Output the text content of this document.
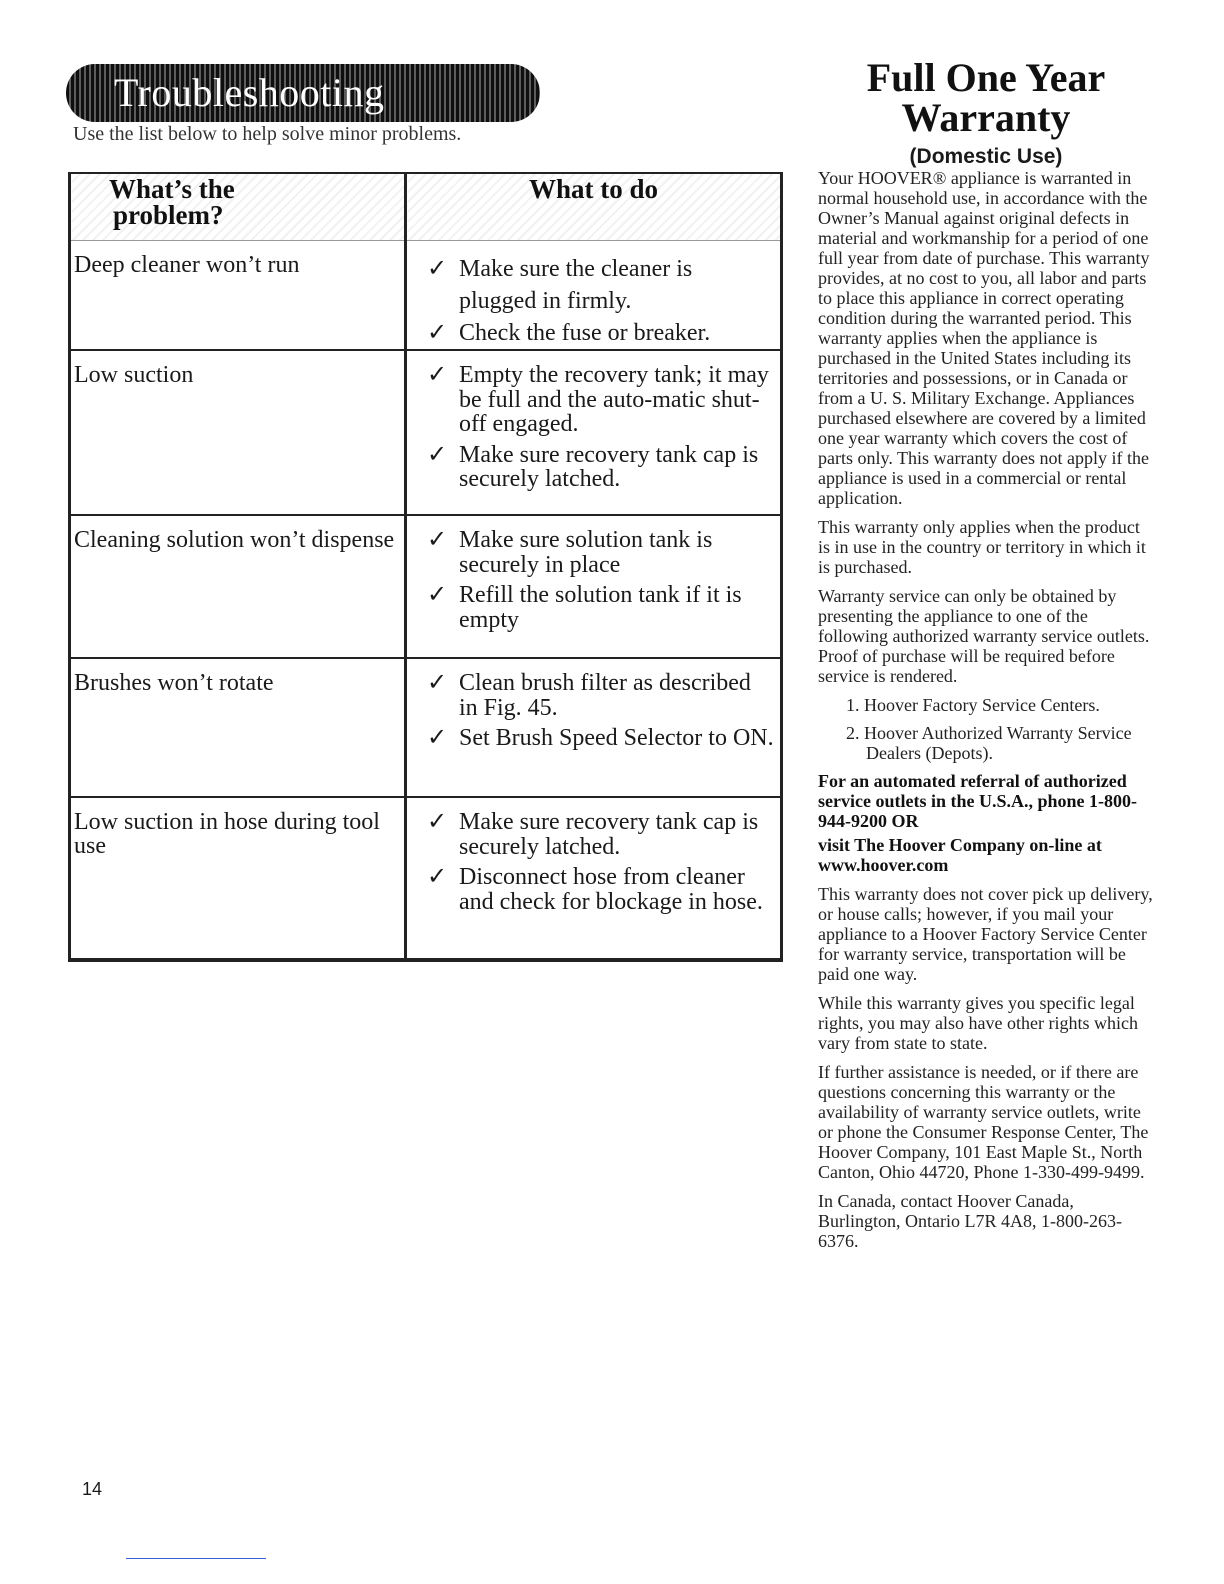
Troubleshooting
Use the list below to help solve minor problems.
What’s the
problem?	What to do
Deep cleaner won’t run	✓ Make sure the cleaner is plugged in firmly.
✓ Check the fuse or breaker.

Low suction	✓ Empty the recovery tank; it may be full and the auto-matic shut-off engaged.
✓ Make sure recovery tank cap is securely latched.

Cleaning solution won’t dispense	✓ Make sure solution tank is securely in place
✓ Refill the solution tank if it is empty

Brushes won’t rotate	✓ Clean brush filter as described in Fig. 45.
✓ Set Brush Speed Selector to ON.

Low suction in hose during tool use	✓ Make sure recovery tank cap is securely latched.
✓ Disconnect hose from cleaner and check for blockage in hose.
14
Full One Year
Warranty
(Domestic Use)

Your HOOVER® appliance is warranted in normal household use, in accordance with the Owner’s Manual against original defects in material and workmanship for a period of one full year from date of purchase. This warranty provides, at no cost to you, all labor and parts to place this appliance in correct operating condition during the warranted period. This warranty applies when the appliance is purchased in the United States including its territories and possessions, or in Canada or from a U. S. Military Exchange. Appliances purchased elsewhere are covered by a limited one year warranty which covers the cost of parts only. This warranty does not apply if the appliance is used in a commercial or rental application.

This warranty only applies when the product is in use in the country or territory in which it is purchased.

Warranty service can only be obtained by presenting the appliance to one of the following authorized warranty service outlets. Proof of purchase will be required before service is rendered.

1. Hoover Factory Service Centers.
2. Hoover Authorized Warranty Service Dealers (Depots).

For an automated referral of authorized service outlets in the U.S.A., phone 1-800-944-9200 OR

visit The Hoover Company on-line at www.hoover.com

This warranty does not cover pick up delivery, or house calls; however, if you mail your appliance to a Hoover Factory Service Center for warranty service, transportation will be paid one way.

While this warranty gives you specific legal rights, you may also have other rights which vary from state to state.

If further assistance is needed, or if there are questions concerning this warranty or the availability of warranty service outlets, write or phone the Consumer Response Center, The Hoover Company, 101 East Maple St., North Canton, Ohio 44720, Phone 1-330-499-9499.

In Canada, contact Hoover Canada, Burlington, Ontario L7R 4A8, 1-800-263-6376.
